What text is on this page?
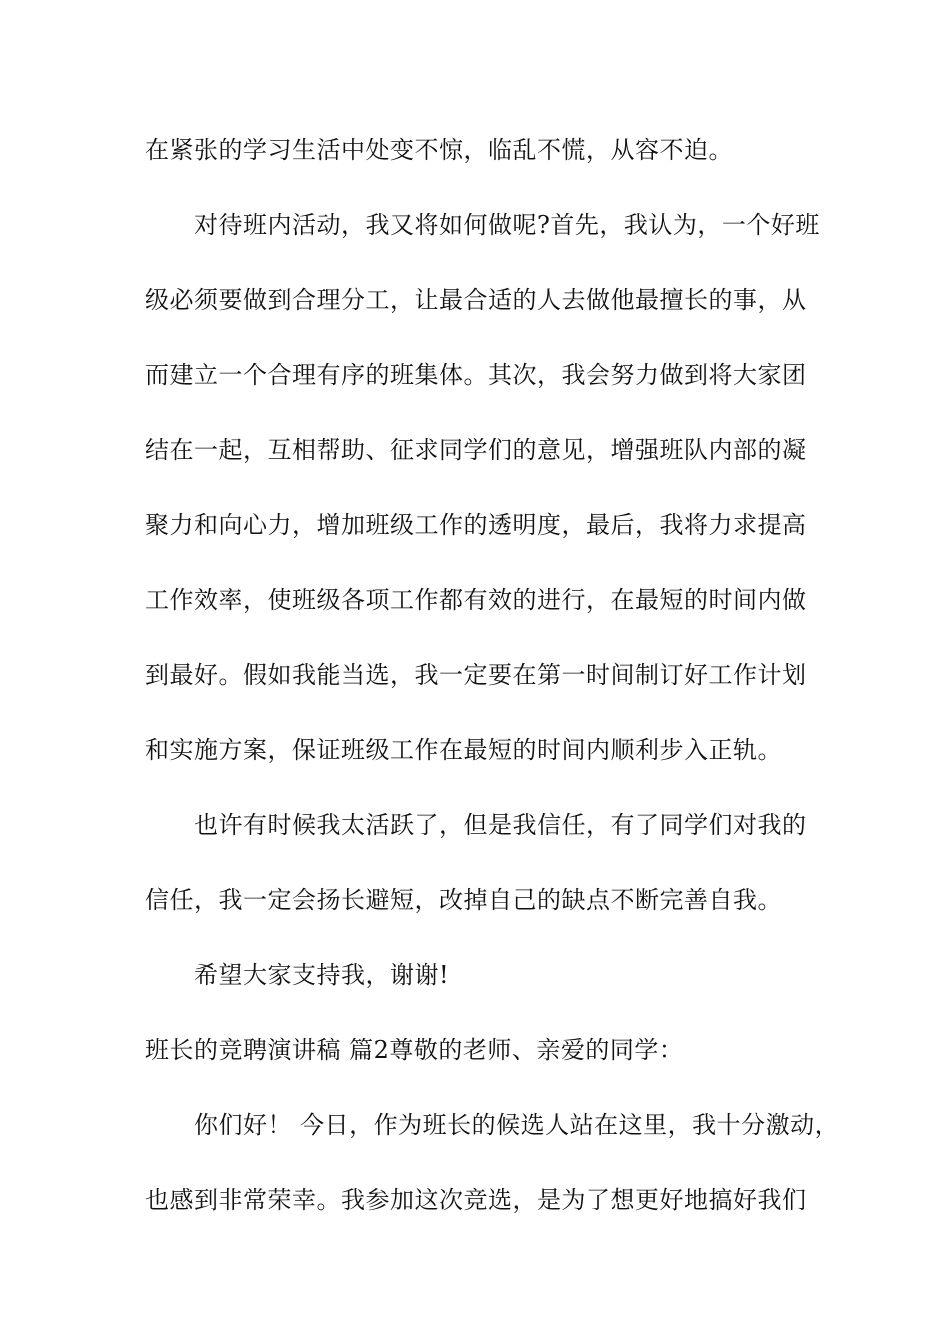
在紧张的学习生活中处变不惊，临乱不慌，从容不迫。
　　对待班内活动，我又将如何做呢?首先，我认为，一个好班
级必须要做到合理分工，让最合适的人去做他最擅长的事，从
而建立一个合理有序的班集体。其次，我会努力做到将大家团
结在一起，互相帮助、征求同学们的意见，增强班队内部的凝
聚力和向心力，增加班级工作的透明度，最后，我将力求提高
工作效率，使班级各项工作都有效的进行，在最短的时间内做
到最好。假如我能当选，我一定要在第一时间制订好工作计划
和实施方案，保证班级工作在最短的时间内顺利步入正轨。
　　也许有时候我太活跃了，但是我信任，有了同学们对我的
信任，我一定会扬长避短，改掉自己的缺点不断完善自我。
　　希望大家支持我，谢谢!
班长的竞聘演讲稿 篇2尊敬的老师、亲爱的同学：
　　你们好！ 今日，作为班长的候选人站在这里，我十分激动，
也感到非常荣幸。我参加这次竞选，是为了想更好地搞好我们
